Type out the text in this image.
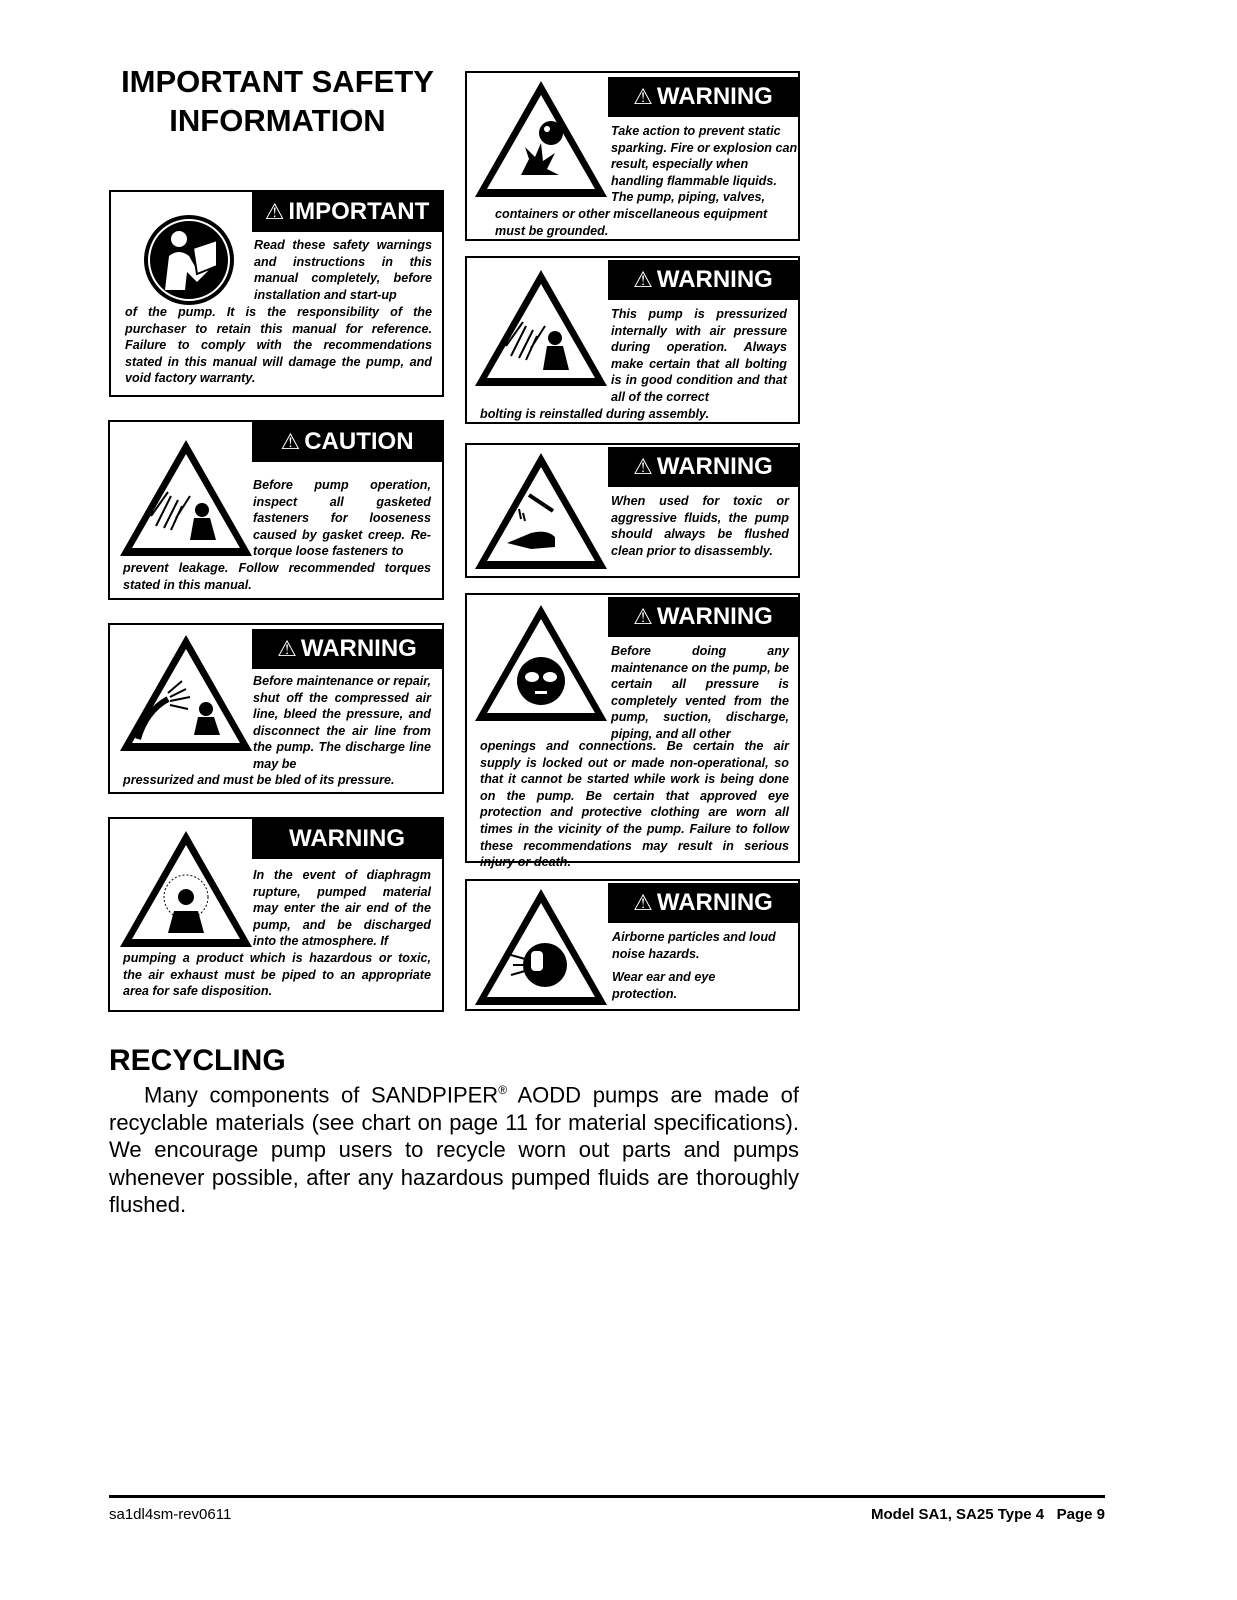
IMPORTANT SAFETY INFORMATION
⚠ IMPORTANT
Read these safety warnings and instructions in this manual completely, before installation and start-up
of the pump. It is the responsibility of the purchaser to retain this manual for reference. Failure to comply with the recommendations stated in this manual will damage the pump, and void factory warranty.
⚠ CAUTION
Before pump operation, inspect all gasketed fasteners for looseness caused by gasket creep. Re-torque loose fasteners to
prevent leakage. Follow recommended torques stated in this manual.
⚠ WARNING
Before maintenance or repair, shut off the compressed air line, bleed the pressure, and disconnect the air line from the pump. The discharge line may be
pressurized and must be bled of its pressure.
WARNING
In the event of diaphragm rupture, pumped material may enter the air end of the pump, and be discharged into the atmosphere. If
pumping a product which is hazardous or toxic, the air exhaust must be piped to an appropriate area for safe disposition.
⚠ WARNING
Take action to prevent static sparking. Fire or explosion can result, especially when handling flammable liquids. The pump, piping, valves,
containers or other miscellaneous equipment must be grounded.
⚠ WARNING
This pump is pressurized internally with air pressure during operation. Always make certain that all bolting is in good condition and that all of the correct
bolting is reinstalled during assembly.
⚠ WARNING
When used for toxic or aggressive fluids, the pump should always be flushed clean prior to disassembly.
⚠ WARNING
Before doing any maintenance on the pump, be certain all pressure is completely vented from the pump, suction, discharge, piping, and all other
openings and connections. Be certain the air supply is locked out or made non-operational, so that it cannot be started while work is being done on the pump. Be certain that approved eye protection and protective clothing are worn all times in the vicinity of the pump. Failure to follow these recommendations may result in serious injury or death.
⚠ WARNING
Airborne particles and loud noise hazards.
Wear ear and eye protection.
RECYCLING
Many components of SANDPIPER® AODD pumps are made of recyclable materials (see chart on page 11 for material specifications). We encourage pump users to recycle worn out parts and pumps whenever possible, after any hazardous pumped fluids are thoroughly flushed.
sa1dl4sm-rev0611	Model SA1, SA25 Type 4   Page 9
